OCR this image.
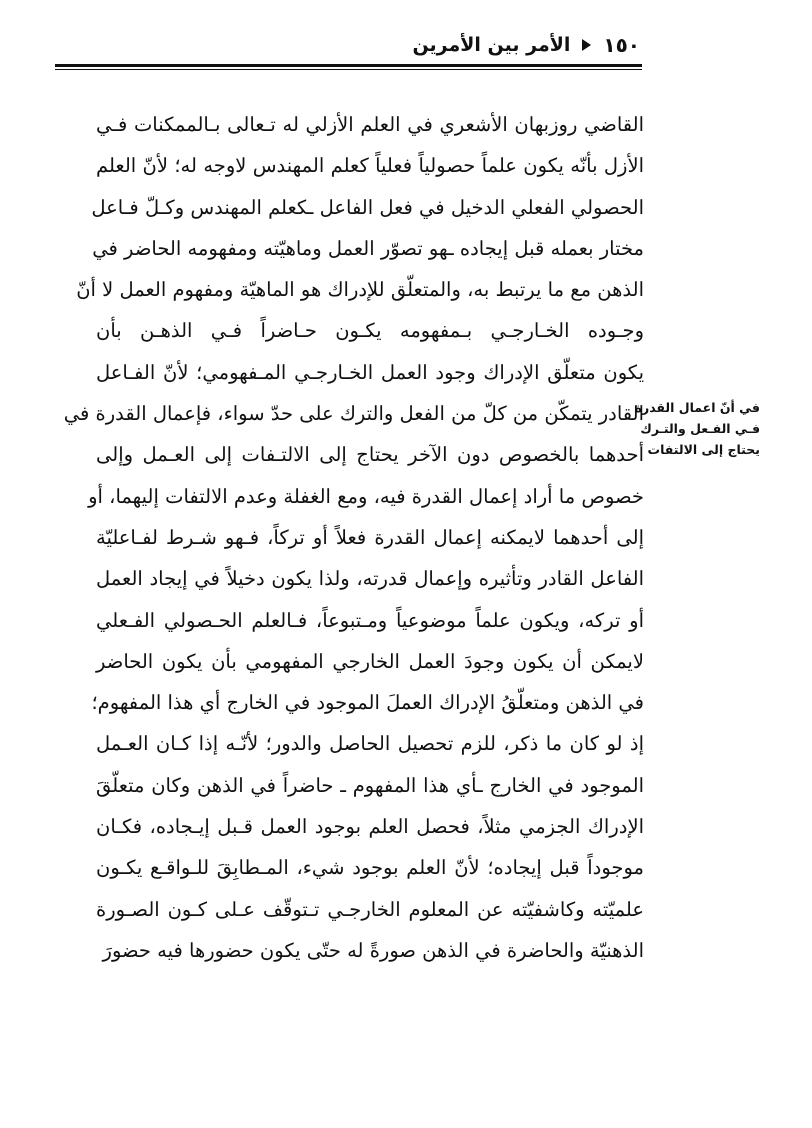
١٥٠
الأمر بين الأمرين
في أنّ اعمال القدرة
فـي الفـعل والتـرك
يحتاج إلى الالتفات
القاضي روزبهان الأشعري في العلم الأزلي له تـعالى بـالممكنات فـي
الأزل بأنّه يكون علماً حصولياً فعلياً كعلم المهندس لاوجه له؛ لأنّ العلم
الحصولي الفعلي الدخيل في فعل الفاعل ـكعلم المهندس وكـلّ فـاعل
مختار بعمله قبل إيجاده ـهو تصوّر العمل وماهيّته ومفهومه الحاضر في
الذهن مع ما يرتبط به، والمتعلّق للإدراك هو الماهيّة ومفهوم العمل لا أنّ
وجـوده الخـارجـي بـمفهومه يكـون حـاضراً فـي الذهـن بأن
يكون متعلّق الإدراك وجود العمل الخـارجـي المـفهومي؛ لأنّ الفـاعل
القادر يتمكّن من كلّ من الفعل والترك على حدّ سواء، فإعمال القدرة في
أحدهما بالخصوص دون الآخر يحتاج إلى الالتـفات إلى العـمل وإلى
خصوص ما أراد إعمال القدرة فيه، ومع الغفلة وعدم الالتفات إليهما، أو
إلى أحدهما لايمكنه إعمال القدرة فعلاً أو تركاً، فـهو شـرط لفـاعليّة
الفاعل القادر وتأثيره وإعمال قدرته، ولذا يكون دخيلاً في إيجاد العمل
أو تركه، ويكون علماً موضوعياً ومـتبوعاً، فـالعلم الحـصولي الفـعلي
لايمكن أن يكون وجودَ العمل الخارجي المفهومي بأن يكون الحاضر
في الذهن ومتعلّقُ الإدراك العملَ الموجود في الخارج أي هذا المفهوم؛
إذ لو كان ما ذكر، للزم تحصيل الحاصل والدور؛ لأنّـه إذا كـان العـمل
الموجود في الخارج ـأي هذا المفهوم ـ حاضراً في الذهن وكان متعلّقَ
الإدراك الجزمي مثلاً، فحصل العلم بوجود العمل قـبل إيـجاده، فكـان
موجوداً قبل إيجاده؛ لأنّ العلم بوجود شيء، المـطابِقَ للـواقـع يكـون
علميّته وكاشفيّته عن المعلوم الخارجـي تـتوقّف عـلى كـون الصـورة
الذهنيّة والحاضرة في الذهن صورةً له حتّى يكون حضورها فيه حضورَ
